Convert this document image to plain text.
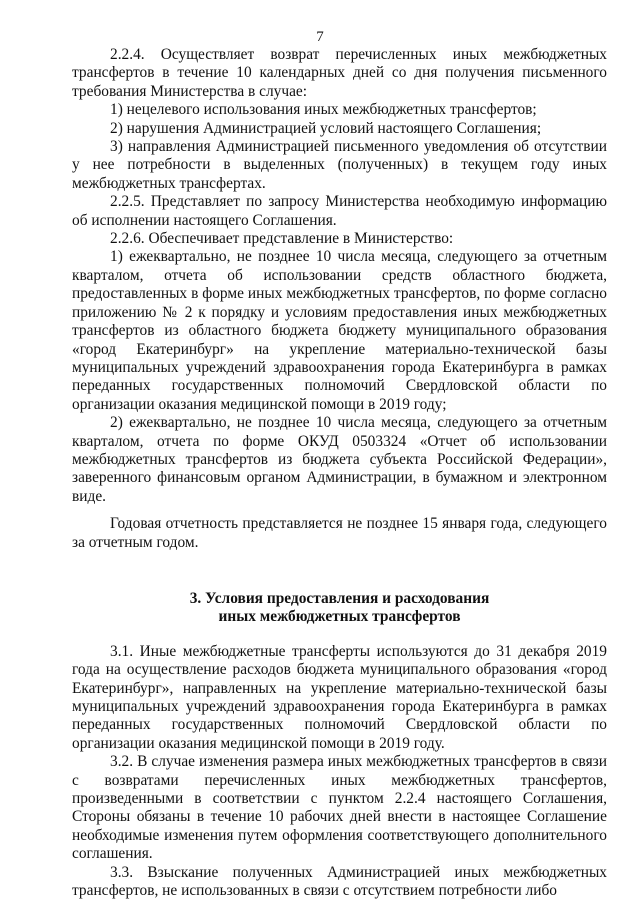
7

2.2.4. Осуществляет возврат перечисленных иных межбюджетных трансфертов в течение 10 календарных дней со дня получения письменного требования Министерства в случае:

1) нецелевого использования иных межбюджетных трансфертов;

2) нарушения Администрацией условий настоящего Соглашения;

3) направления Администрацией письменного уведомления об отсутствии у нее потребности в выделенных (полученных) в текущем году иных межбюджетных трансфертах.

2.2.5. Представляет по запросу Министерства необходимую информацию об исполнении настоящего Соглашения.

2.2.6. Обеспечивает представление в Министерство:

1) ежеквартально, не позднее 10 числа месяца, следующего за отчетным кварталом, отчета об использовании средств областного бюджета, предоставленных в форме иных межбюджетных трансфертов, по форме согласно приложению № 2 к порядку и условиям предоставления иных межбюджетных трансфертов из областного бюджета бюджету муниципального образования «город Екатеринбург» на укрепление материально-технической базы муниципальных учреждений здравоохранения города Екатеринбурга в рамках переданных государственных полномочий Свердловской области по организации оказания медицинской помощи в 2019 году;

2) ежеквартально, не позднее 10 числа месяца, следующего за отчетным кварталом, отчета по форме ОКУД 0503324 «Отчет об использовании межбюджетных трансфертов из бюджета субъекта Российской Федерации», заверенного финансовым органом Администрации, в бумажном и электронном виде.

Годовая отчетность представляется не позднее 15 января года, следующего за отчетным годом.

3. Условия предоставления и расходования
иных межбюджетных трансфертов

3.1. Иные межбюджетные трансферты используются до 31 декабря 2019 года на осуществление расходов бюджета муниципального образования «город Екатеринбург», направленных на укрепление материально-технической базы муниципальных учреждений здравоохранения города Екатеринбурга в рамках переданных государственных полномочий Свердловской области по организации оказания медицинской помощи в 2019 году.

3.2. В случае изменения размера иных межбюджетных трансфертов в связи с возвратами перечисленных иных межбюджетных трансфертов, произведенными в соответствии с пунктом 2.2.4 настоящего Соглашения, Стороны обязаны в течение 10 рабочих дней внести в настоящее Соглашение необходимые изменения путем оформления соответствующего дополнительного соглашения.

3.3. Взыскание полученных Администрацией иных межбюджетных трансфертов, не использованных в связи с отсутствием потребности либо
